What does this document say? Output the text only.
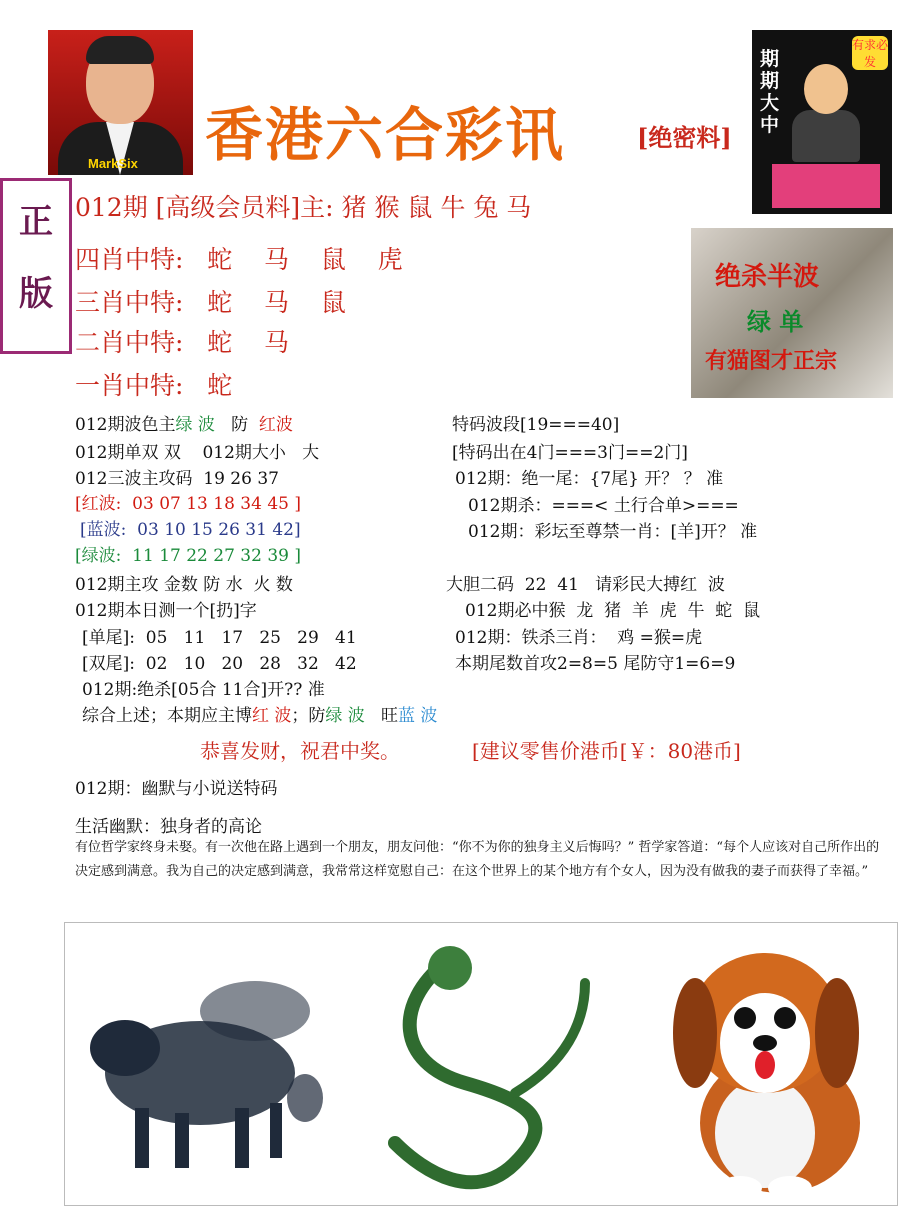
MarkSix 香港六合彩讯	[绝密料]
期期大中
有求必发
正
版	绝杀半波
绿 单
有猫图才正宗
012期 [高级会员料]主: 猪 猴 鼠 牛 兔 马
四肖中特:   蛇    马    鼠    虎
三肖中特:   蛇    马    鼠
二肖中特:   蛇    马
一肖中特:   蛇
012期波色主绿 波   防  红波
012期单双 双    012期大小   大
012三波主攻码  19 26 37
[红波:  03 07 13 18 34 45 ]
[蓝波:  03 10 15 26 31 42]
[绿波:  11 17 22 27 32 39 ]
012期主攻 金数 防 水  火 数
012期本日测一个[扔]字
[单尾]:  05   11   17   25   29   41
[双尾]:  02   10   20   28   32   42
012期:绝杀[05合 11合]开?? 准
综合上述；本期应主博红 波；防绿 波   旺蓝 波
特码波段[19===40]
[特码出在4门===3门==2门]
012期：绝一尾：{7尾} 开？ ？ 准
012期杀：===< 土行合单>===
012期：彩坛至尊禁一肖：[羊]开？ 准
大胆二码  22  41   请彩民大搏红  波
012期必中猴  龙  猪  羊  虎  牛  蛇  鼠
012期：铁杀三肖：  鸡 =猴=虎
本期尾数首攻2=8=5 尾防守1=6=9
恭喜发财，祝君中奖。	[建议零售价港币[￥：80港币]
012期：幽默与小说送特码
生活幽默：独身者的高论
有位哲学家终身未娶。有一次他在路上遇到一个朋友，朋友问他：“你不为你的独身主义后悔吗？” 哲学家答道：“每个人应该对自己所作出的决定感到满意。我为自己的决定感到满意，我常常这样宽慰自己：在这个世界上的某个地方有个女人，因为没有做我的妻子而获得了幸福。”
